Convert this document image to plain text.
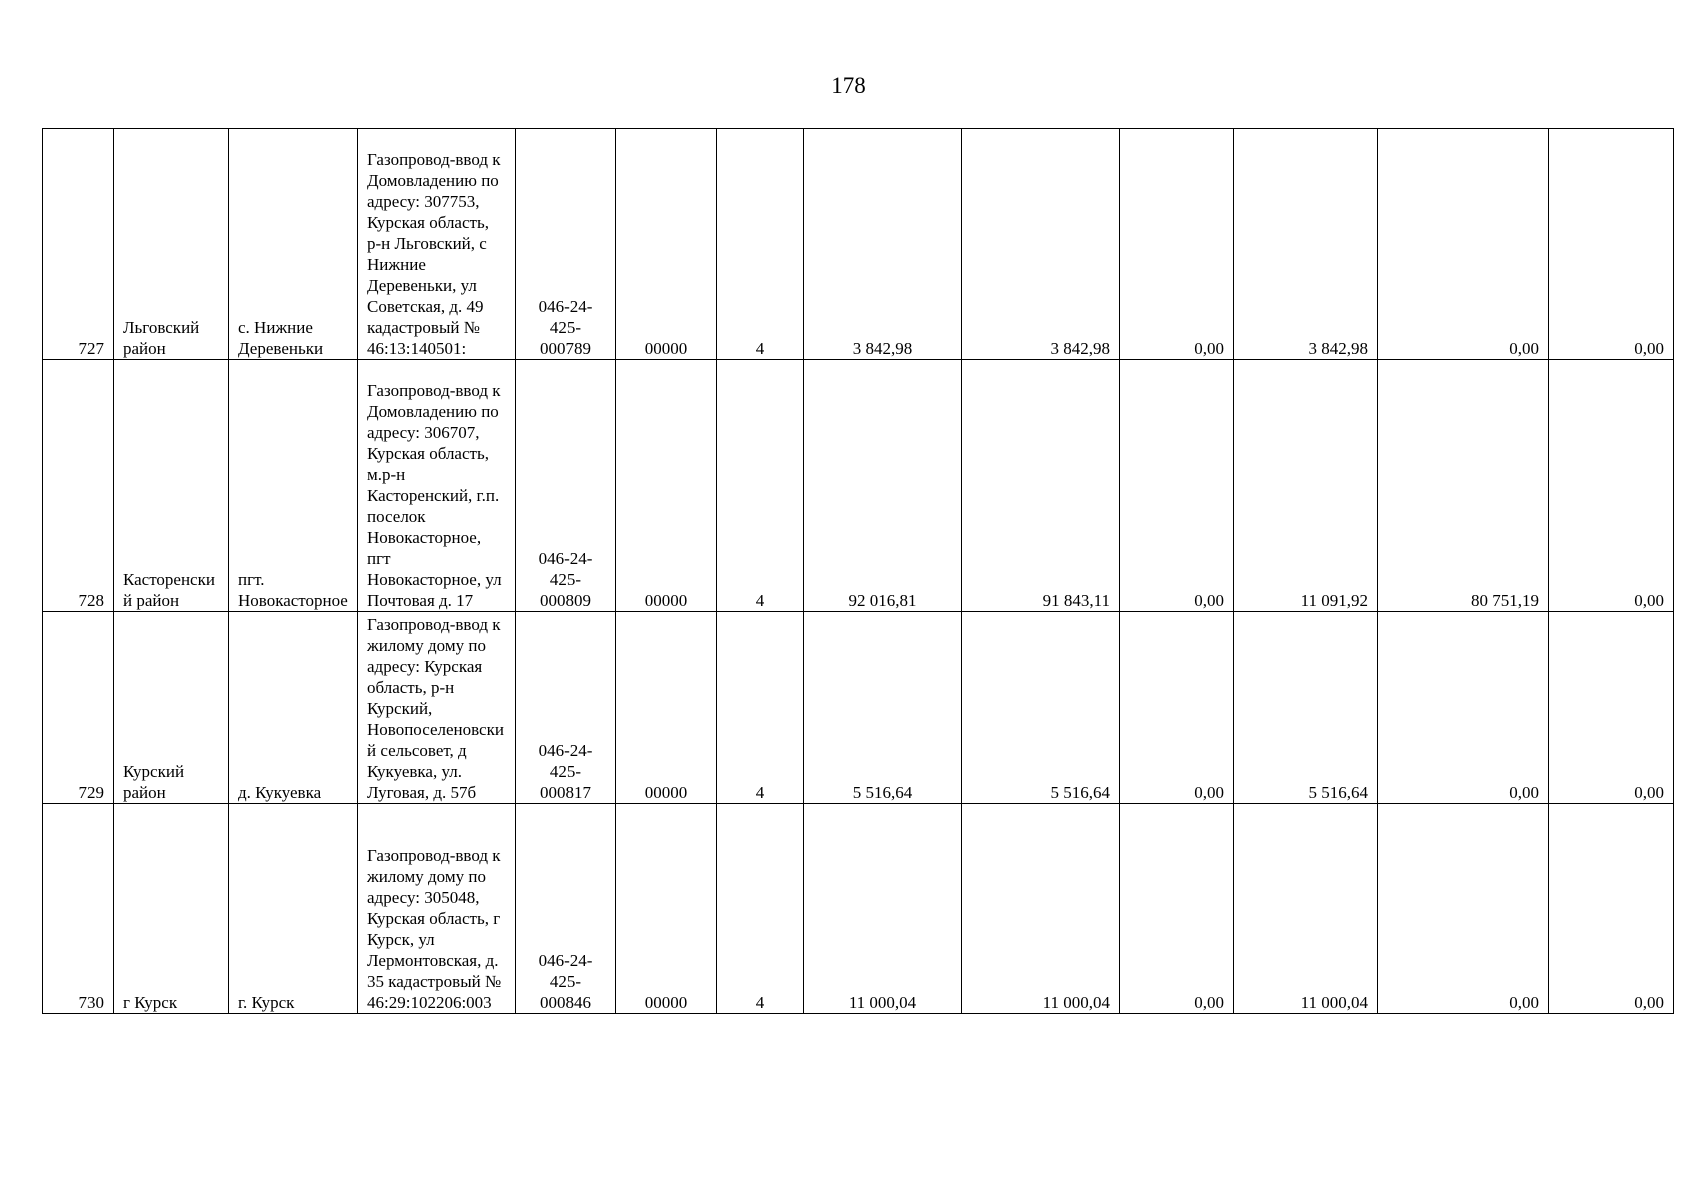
178
727	Льговский район	с. Нижние Деревеньки	Газопровод-ввод к Домовладению по адресу: 307753, Курская область, р-н Льговский, с Нижние Деревеньки, ул Советская, д. 49 кадастровый № 46:13:140501:	046-24-425-000789	00000	4	3 842,98	3 842,98	0,00	3 842,98	0,00	0,00
728	Касторенский район	пгт. Новокасторное	Газопровод-ввод к Домовладению по адресу: 306707, Курская область, м.р-н Касторенский, г.п. поселок Новокасторное, пгт Новокасторное, ул Почтовая д. 17	046-24-425-000809	00000	4	92 016,81	91 843,11	0,00	11 091,92	80 751,19	0,00
729	Курский район	д. Кукуевка	Газопровод-ввод к жилому дому по адресу: Курская область, р-н Курский, Новопоселеновский сельсовет, д Кукуевка, ул. Луговая, д. 57б	046-24-425-000817	00000	4	5 516,64	5 516,64	0,00	5 516,64	0,00	0,00
730	г Курск	г. Курск	Газопровод-ввод к жилому дому по адресу: 305048, Курская область, г Курск, ул Лермонтовская, д. 35 кадастровый № 46:29:102206:003	046-24-425-000846	00000	4	11 000,04	11 000,04	0,00	11 000,04	0,00	0,00
